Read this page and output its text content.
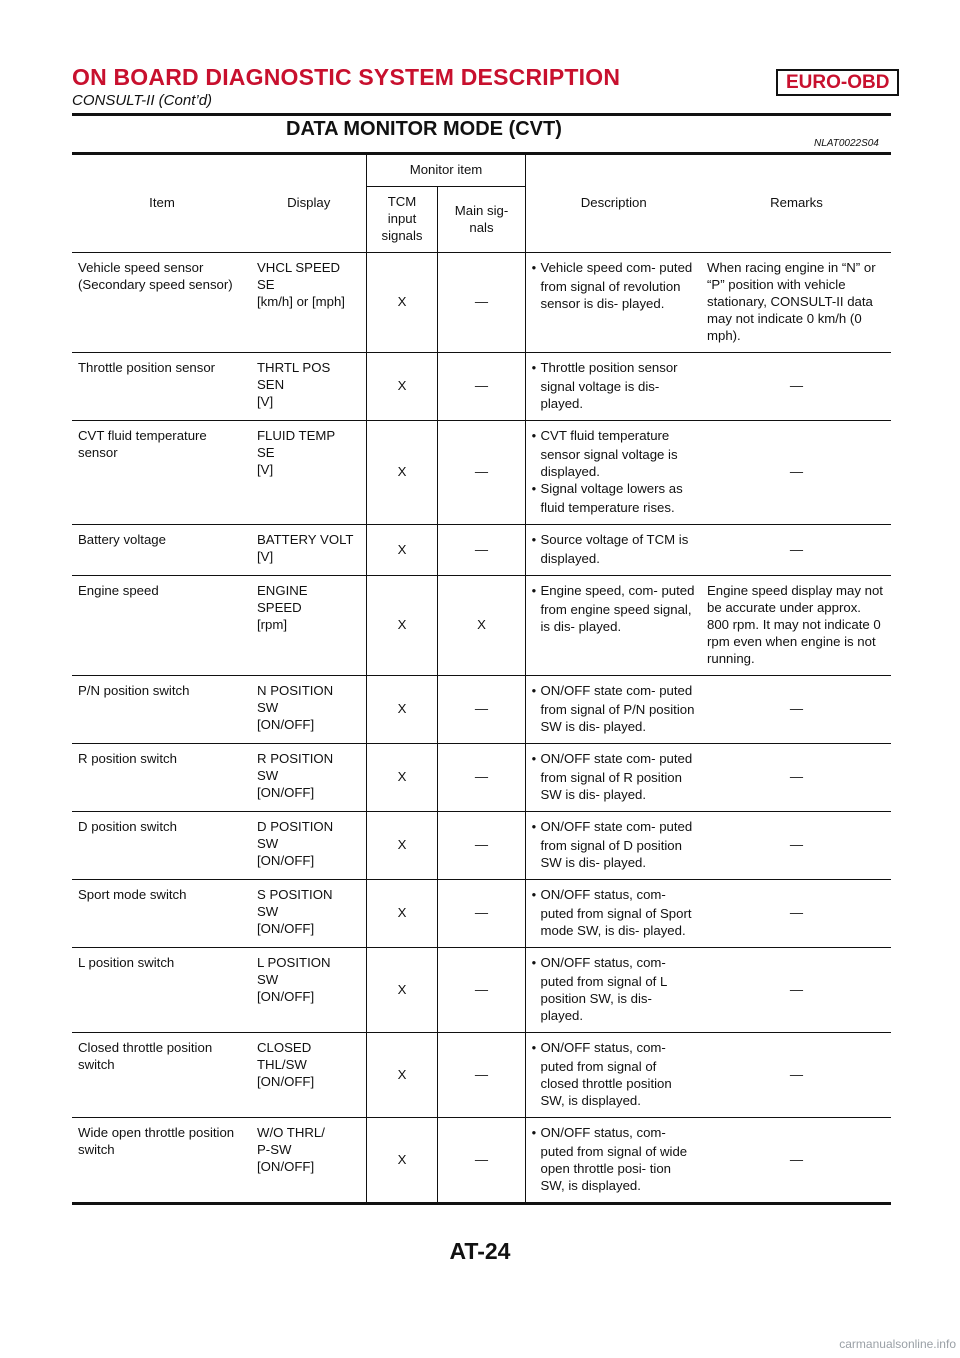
ON BOARD DIAGNOSTIC SYSTEM DESCRIPTION	EURO-OBD
CONSULT-II (Cont’d)
DATA MONITOR MODE (CVT)
NLAT0022S04
Item	Display	Monitor item		Description	Remarks
		TCM input signals	Main sig- nals		

Vehicle speed sensor
(Secondary speed sensor)	VHCL SPEED
SE
[km/h] or [mph]	X	—	● Vehicle speed com- puted from signal of revolution sensor is dis- played.	When racing engine in “N” or “P” position with vehicle stationary, CONSULT-II data may not indicate 0 km/h (0 mph).

Throttle position sensor	THRTL POS
SEN
[V]	X	—	● Throttle position sensor signal voltage is dis- played.	—

CVT fluid temperature
sensor	FLUID TEMP
SE
[V]	X	—	● CVT fluid temperature sensor signal voltage is displayed.
● Signal voltage lowers as fluid temperature rises.	—

Battery voltage	BATTERY VOLT
[V]	X	—	● Source voltage of TCM is displayed.	—

Engine speed	ENGINE
SPEED
[rpm]	X	X	● Engine speed, com- puted from engine speed signal, is dis- played.	Engine speed display may not be accurate under approx. 800 rpm. It may not indicate 0 rpm even when engine is not running.

P/N position switch	N POSITION
SW
[ON/OFF]	X	—	● ON/OFF state com- puted from signal of P/N position SW is dis- played.	—

R position switch	R POSITION
SW
[ON/OFF]	X	—	● ON/OFF state com- puted from signal of R position SW is dis- played.	—

D position switch	D POSITION
SW
[ON/OFF]	X	—	● ON/OFF state com- puted from signal of D position SW is dis- played.	—

Sport mode switch	S POSITION
SW
[ON/OFF]	X	—	● ON/OFF status, com- puted from signal of Sport mode SW, is dis- played.	—

L position switch	L POSITION
SW
[ON/OFF]	X	—	● ON/OFF status, com- puted from signal of L position SW, is dis- played.	—

Closed throttle position
switch	CLOSED
THL/SW
[ON/OFF]	X	—	● ON/OFF status, com- puted from signal of closed throttle position SW, is displayed.	—

Wide open throttle position
switch	W/O THRL/
P-SW
[ON/OFF]	X	—	● ON/OFF status, com- puted from signal of wide open throttle posi- tion SW, is displayed.	—
AT-24
carmanualsonline.info
